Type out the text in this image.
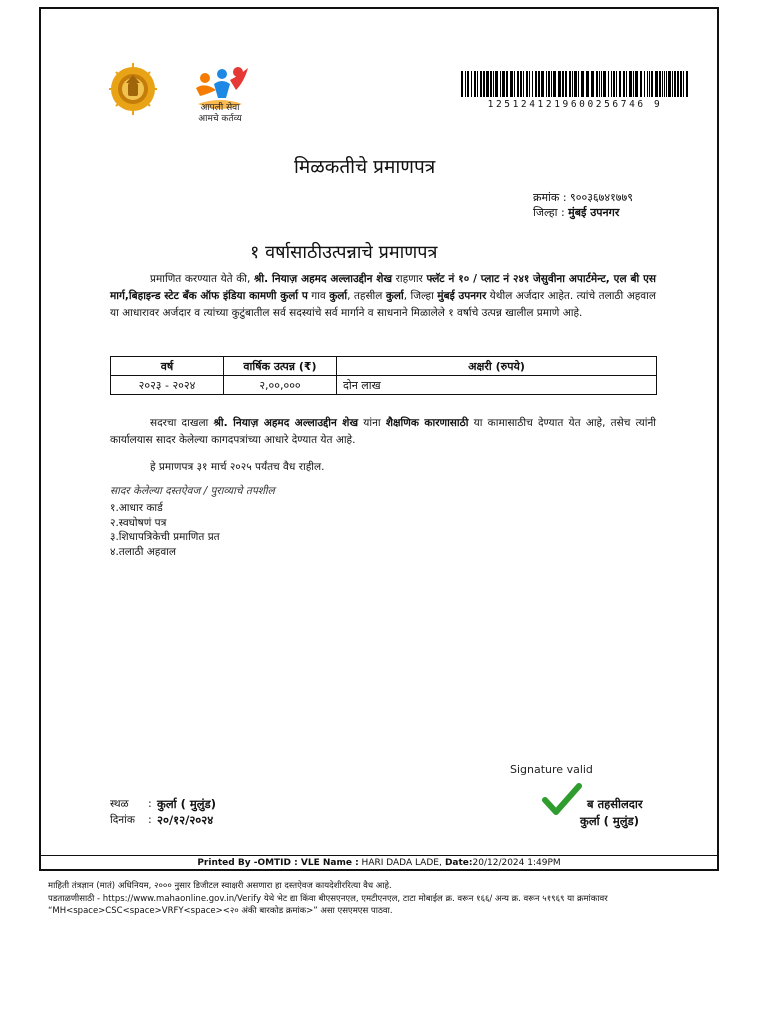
आपली सेवा
आमचे कर्तव्य
1251241219600256746 9
मिळकतीचे प्रमाणपत्र
क्रमांक : ९००३६७४१७७९
जिल्हा : मुंबई उपनगर
१ वर्षासाठीउत्पन्नाचे प्रमाणपत्र
प्रमाणित करण्यात येते की, श्री. नियाज़ अहमद अल्लाउद्दीन शेख राहणार फ्लॅट नं १० / प्लाट नं २४१ जेसुवीना अपार्टमेन्ट, एल बी एस मार्ग,बिहाइन्ड स्टेट बँक ऑफ इंडिया कामणी कुर्ला प गाव कुर्ला, तहसील कुर्ला, जिल्हा मुंबई उपनगर येथील अर्जदार आहेत. त्यांचे तलाठी अहवाल या आधारावर अर्जदार व त्यांच्या कुटुंबातील सर्व सदस्यांचे सर्व मार्गाने व साधनाने मिळालेले १ वर्षाचे उत्पन्न खालील प्रमाणे आहे.
वर्ष	वार्षिक उत्पन्न (₹)	अक्षरी (रुपये)
२०२३ - २०२४	२,००,०००	दोन लाख
सदरचा दाखला श्री. नियाज़ अहमद अल्लाउद्दीन शेख यांना शैक्षणिक कारणासाठी या कामासाठीच देण्यात येत आहे, तसेच त्यांनी कार्यालयास सादर केलेल्या कागदपत्रांच्या आधारे देण्यात येत आहे.
हे प्रमाणपत्र ३१ मार्च २०२५ पर्यंतच वैध राहील.
सादर केलेल्या दस्तऐवज / पुराव्याचे तपशील
१.आधार कार्ड
२.स्वघोषणं पत्र
३.शिधापत्रिकेची प्रमाणित प्रत
४.तलाठी अहवाल
Signature valid
स्थळ	: कुर्ला ( मुलुंड)
दिनांक	: २०/१२/२०२४
ब तहसीलदार
कुर्ला ( मुलुंड)
Printed By -OMTID : VLE Name : HARI DADA LADE, Date:20/12/2024 1:49PM
माहिती तंत्रज्ञान (मातं) अधिनियम, २००० नुसार डिजीटल स्वाक्षरी असणारा हा दस्तऐवज कायदेशीररित्या वैध आहे.
पडताळणीसाठी - https://www.mahaonline.gov.in/Verify येथे भेट द्या किंवा बीएसएनएल, एमटीएनएल, टाटा मोबाईल क्र. वरून १६६/ अन्य क्र. वरून ५१९६९ या क्रमांकावर
“MH<space>CSC<space>VRFY<space><२० अंकी बारकोड क्रमांक>” असा एसएमएस पाठवा.
